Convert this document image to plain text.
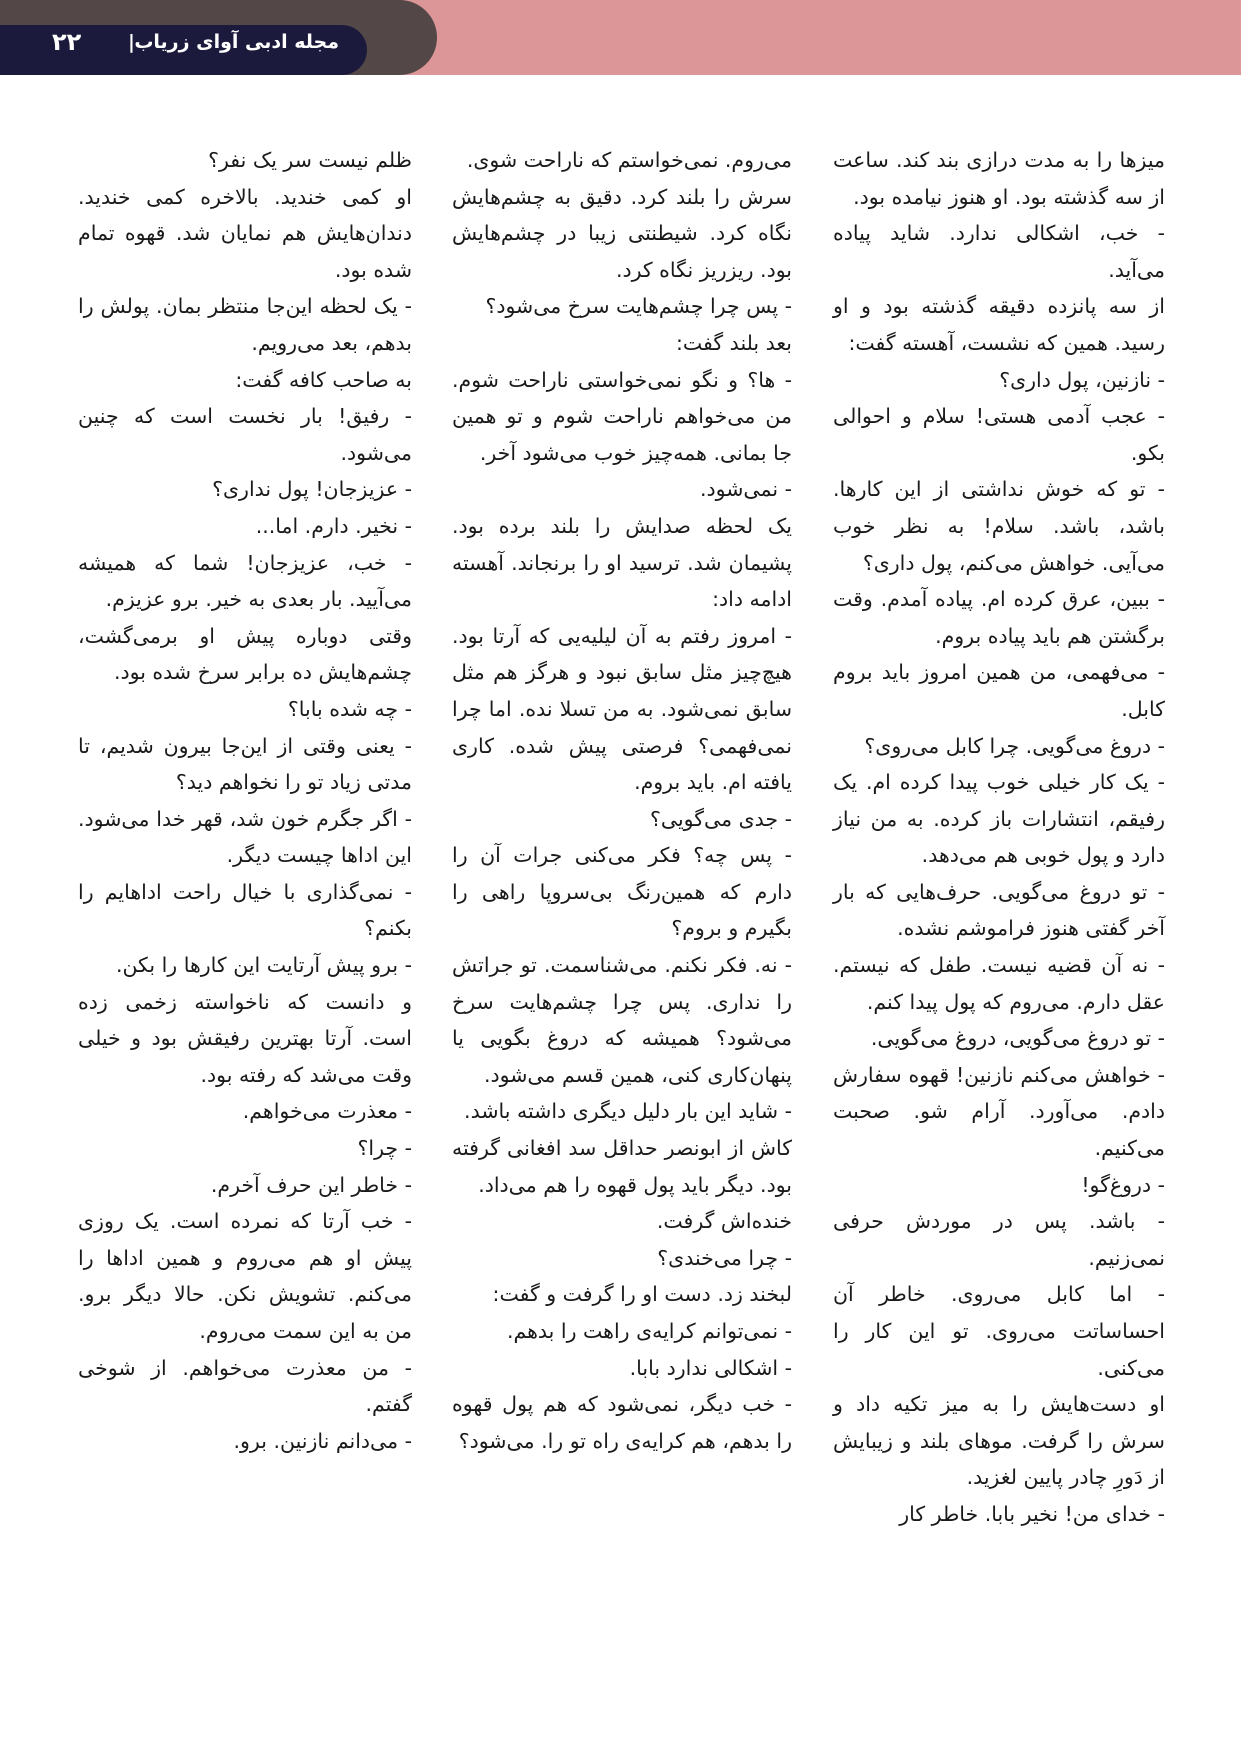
مجله ادبی آوای زریاب
|
۲۲

میزها را به مدت درازی بند کند. ساعت از سه گذشته بود. او هنوز نیامده بود.

- خب، اشکالی ندارد. شاید پیاده می‌آید.

از سه پانزده دقیقه گذشته بود و او رسید. همین که نشست، آهسته گفت:

- نازنین، پول داری؟

- عجب آدمی هستی! سلام و احوالی بکو.

- تو که خوش نداشتی از این کارها. باشد، باشد. سلام! به نظر خوب می‌آیی. خواهش می‌کنم، پول داری؟

- ببین، عرق کرده ام. پیاده آمدم. وقت برگشتن هم باید پیاده بروم.

- می‌فهمی، من همین امروز باید بروم کابل.

- دروغ می‌گویی. چرا کابل می‌روی؟

- یک کار خیلی خوب پیدا کرده ام. یک رفیقم، انتشارات باز کرده. به من نیاز دارد و پول خوبی هم می‌دهد.

- تو دروغ می‌گویی. حرف‌هایی که بار آخر گفتی هنوز فراموشم نشده.

- نه آن قضیه نیست. طفل که نیستم. عقل دارم. می‌روم که پول پیدا کنم.

- تو دروغ می‌گویی، دروغ می‌گویی.

- خواهش می‌کنم نازنین! قهوه سفارش دادم. می‌آورد. آرام شو. صحبت می‌کنیم.

- دروغ‌گو!

- باشد. پس در موردش حرفی نمی‌زنیم.

- اما کابل می‌روی. خاطر آن احساساتت می‌روی. تو این کار را می‌کنی.

او دست‌هایش را به میز تکیه داد و سرش را گرفت. موهای بلند و زیبایش از دَورِ چادر پایین لغزید.

- خدای من! نخیر بابا. خاطر کار

می‌روم. نمی‌خواستم که ناراحت شوی.

سرش را بلند کرد. دقیق به چشم‌هایش نگاه کرد. شیطنتی زیبا در چشم‌هایش بود. ریزریز نگاه کرد.

- پس چرا چشم‌هایت سرخ می‌شود؟

بعد بلند گفت:

- ها؟ و نگو نمی‌خواستی ناراحت شوم. من می‌خواهم ناراحت شوم و تو همین جا بمانی. همه‌چیز خوب می‌شود آخر.

- نمی‌شود.

یک لحظه صدایش را بلند برده بود. پشیمان شد. ترسید او را برنجاند. آهسته ادامه داد:

- امروز رفتم به آن لیلیه‌یی که آرتا بود. هیچ‌چیز مثل سابق نبود و هرگز هم مثل سابق نمی‌شود. به من تسلا نده. اما چرا نمی‌فهمی؟ فرصتی پیش شده. کاری یافته ام. باید بروم.

- جدی می‌گویی؟

- پس چه؟ فکر می‌کنی جرات آن را دارم که همین‌رنگ بی‌سروپا راهی را بگیرم و بروم؟

- نه. فکر نکنم. می‌شناسمت. تو جراتش را نداری. پس چرا چشم‌هایت سرخ می‌شود؟ همیشه که دروغ بگویی یا پنهان‌کاری کنی، همین قسم می‌شود.

- شاید این بار دلیل دیگری داشته باشد.

کاش از ابونصر حداقل سد افغانی گرفته بود. دیگر باید پول قهوه را هم می‌داد.

خنده‌اش گرفت.

- چرا می‌خندی؟

لبخند زد. دست او را گرفت و گفت:

- نمی‌توانم کرایه‌ی راهت را بدهم.

- اشکالی ندارد بابا.

- خب دیگر، نمی‌شود که هم پول قهوه را بدهم، هم کرایه‌ی راه تو را. می‌شود؟

ظلم نیست سر یک نفر؟

او کمی خندید. بالاخره کمی خندید. دندان‌هایش هم نمایان شد. قهوه تمام شده بود.

- یک لحظه این‌جا منتظر بمان. پولش را بدهم، بعد می‌رویم.

به صاحب کافه گفت:

- رفیق! بار نخست است که چنین می‌شود.

- عزیزجان! پول نداری؟

- نخیر. دارم. اما...

- خب، عزیزجان! شما که همیشه می‌آیید. بار بعدی به خیر. برو عزیزم.

وقتی دوباره پیش او برمی‌گشت، چشم‌هایش ده برابر سرخ شده بود.

- چه شده بابا؟

- یعنی وقتی از این‌جا بیرون شدیم، تا مدتی زیاد تو را نخواهم دید؟

- اگر جگرم خون شد، قهر خدا می‌شود. این اداها چیست دیگر.

- نمی‌گذاری با خیال راحت اداهایم را بکنم؟

- برو پیش آرتایت این کارها را بکن.

و دانست که ناخواسته زخمی زده است. آرتا بهترین رفیقش بود و خیلی وقت می‌شد که رفته بود.

- معذرت می‌خواهم.

- چرا؟

- خاطر این حرف آخرم.

- خب آرتا که نمرده است. یک روزی پیش او هم می‌روم و همین اداها را می‌کنم. تشویش نکن. حالا دیگر برو. من به این سمت می‌روم.

- من معذرت می‌خواهم. از شوخی گفتم.

- می‌دانم نازنین. برو.
